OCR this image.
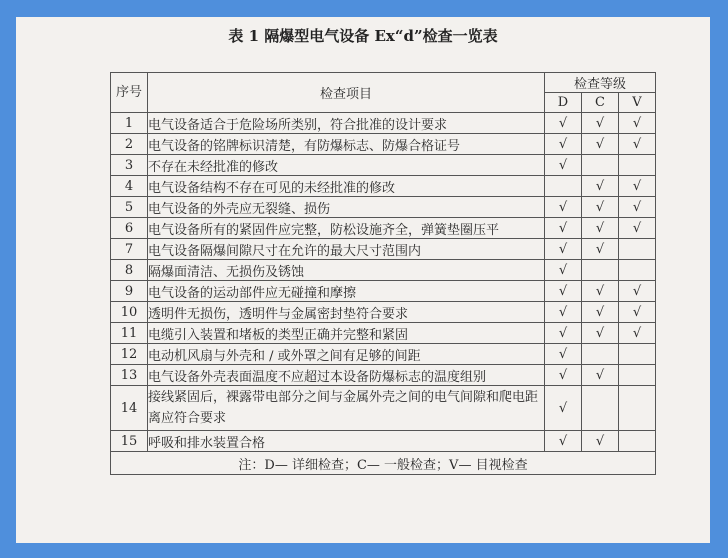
表 1 隔爆型电气设备 Ex“d”检查一览表
序号	检查项目	检查等级		
		D	C	V
1	电气设备适合于危险场所类别，符合批准的设计要求	√	√	√
2	电气设备的铭牌标识清楚，有防爆标志、防爆合格证号	√	√	√
3	不存在未经批准的修改	√		
4	电气设备结构不存在可见的未经批准的修改		√	√
5	电气设备的外壳应无裂缝、损伤	√	√	√
6	电气设备所有的紧固件应完整，防松设施齐全，弹簧垫圈压平	√	√	√
7	电气设备隔爆间隙尺寸在允许的最大尺寸范围内	√	√	
8	隔爆面清洁、无损伤及锈蚀	√		
9	电气设备的运动部件应无碰撞和摩擦	√	√	√
10	透明件无损伤，透明件与金属密封垫符合要求	√	√	√
11	电缆引入装置和堵板的类型正确并完整和紧固	√	√	√
12	电动机风扇与外壳和 / 或外罩之间有足够的间距	√		
13	电气设备外壳表面温度不应超过本设备防爆标志的温度组别	√	√	
14	接线紧固后，裸露带电部分之间与金属外壳之间的电气间隙和爬电距离应符合要求	√		
15	呼吸和排水装置合格	√	√	
注：D— 详细检查；C— 一般检查；V— 目视检查				
